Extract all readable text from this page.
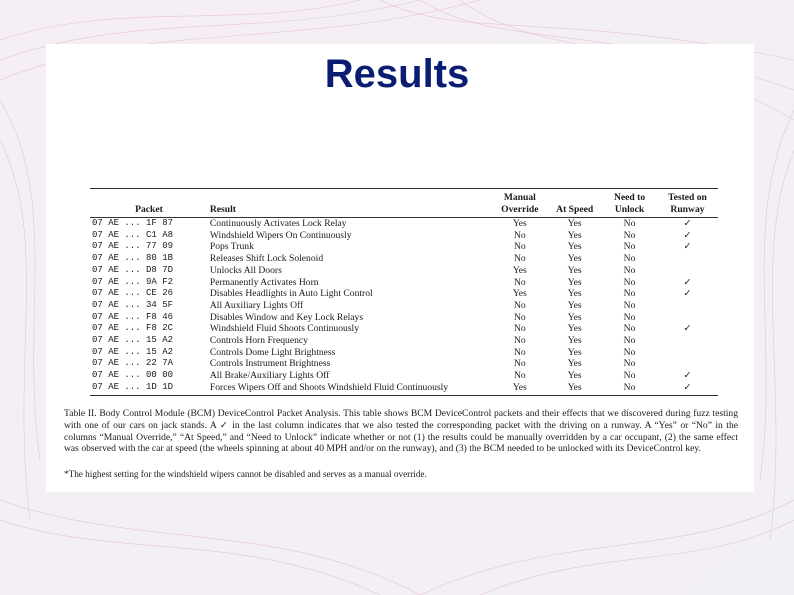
Results
Packet	Result	Manual Override	At Speed	Need to Unlock	Tested on Runway
07 AE ... 1F 87	Continuously Activates Lock Relay	Yes	Yes	No	✓
07 AE ... C1 A8	Windshield Wipers On Continuously	No	Yes	No	✓
07 AE ... 77 09	Pops Trunk	No	Yes	No	✓
07 AE ... 80 1B	Releases Shift Lock Solenoid	No	Yes	No	
07 AE ... D8 7D	Unlocks All Doors	Yes	Yes	No	
07 AE ... 9A F2	Permanently Activates Horn	No	Yes	No	✓
07 AE ... CE 26	Disables Headlights in Auto Light Control	Yes	Yes	No	✓
07 AE ... 34 5F	All Auxiliary Lights Off	No	Yes	No	
07 AE ... F8 46	Disables Window and Key Lock Relays	No	Yes	No	
07 AE ... F8 2C	Windshield Fluid Shoots Continuously	No	Yes	No	✓
07 AE ... 15 A2	Controls Horn Frequency	No	Yes	No	
07 AE ... 15 A2	Controls Dome Light Brightness	No	Yes	No	
07 AE ... 22 7A	Controls Instrument Brightness	No	Yes	No	
07 AE ... 00 00	All Brake/Auxiliary Lights Off	No	Yes	No	✓
07 AE ... 1D 1D	Forces Wipers Off and Shoots Windshield Fluid Continuously	Yes	Yes	No	✓
Table II. Body Control Module (BCM) DeviceControl Packet Analysis. This table shows BCM DeviceControl packets and their effects that we discovered during fuzz testing with one of our cars on jack stands. A ✓ in the last column indicates that we also tested the corresponding packet with the driving on a runway. A “Yes” or “No” in the columns “Manual Override,” “At Speed,” and “Need to Unlock” indicate whether or not (1) the results could be manually overridden by a car occupant, (2) the same effect was observed with the car at speed (the wheels spinning at about 40 MPH and/or on the runway), and (3) the BCM needed to be unlocked with its DeviceControl key.
*The highest setting for the windshield wipers cannot be disabled and serves as a manual override.
